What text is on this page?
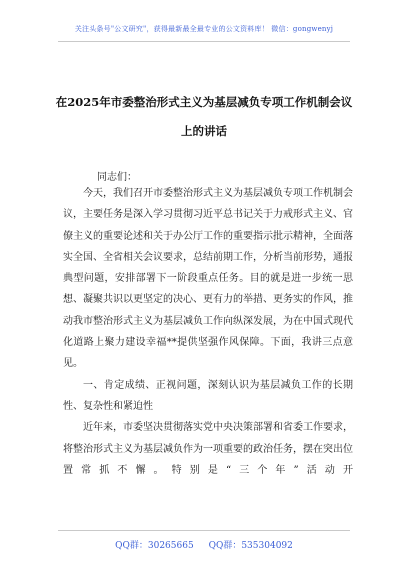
关注头条号"公文研究"，获得最新最全最专业的公文资料库！ 微信：gongwenyj
在2025年市委整治形式主义为基层减负专项工作机制会议
上的讲话
同志们：

今天，我们召开市委整治形式主义为基层减负专项工作机制会议，主要任务是深入学习贯彻习近平总书记关于力戒形式主义、官僚主义的重要论述和关于办公厅工作的重要指示批示精神，全面落实全国、全省相关会议要求，总结前期工作，分析当前形势，通报典型问题，安排部署下一阶段重点任务。目的就是进一步统一思想、凝聚共识以更坚定的决心、更有力的举措、更务实的作风，推动我市整治形式主义为基层减负工作向纵深发展，为在中国式现代化道路上聚力建设幸福**提供坚强作风保障。下面，我讲三点意见。

一、肯定成绩、正视问题，深刻认识为基层减负工作的长期性、复杂性和紧迫性

近年来，市委坚决贯彻落实党中央决策部署和省委工作要求，将整治形式主义为基层减负作为一项重要的政治任务，摆在突出位置常抓不懈。特别是“三个年”活动开

QQ群：30265665 QQ群：535304092
